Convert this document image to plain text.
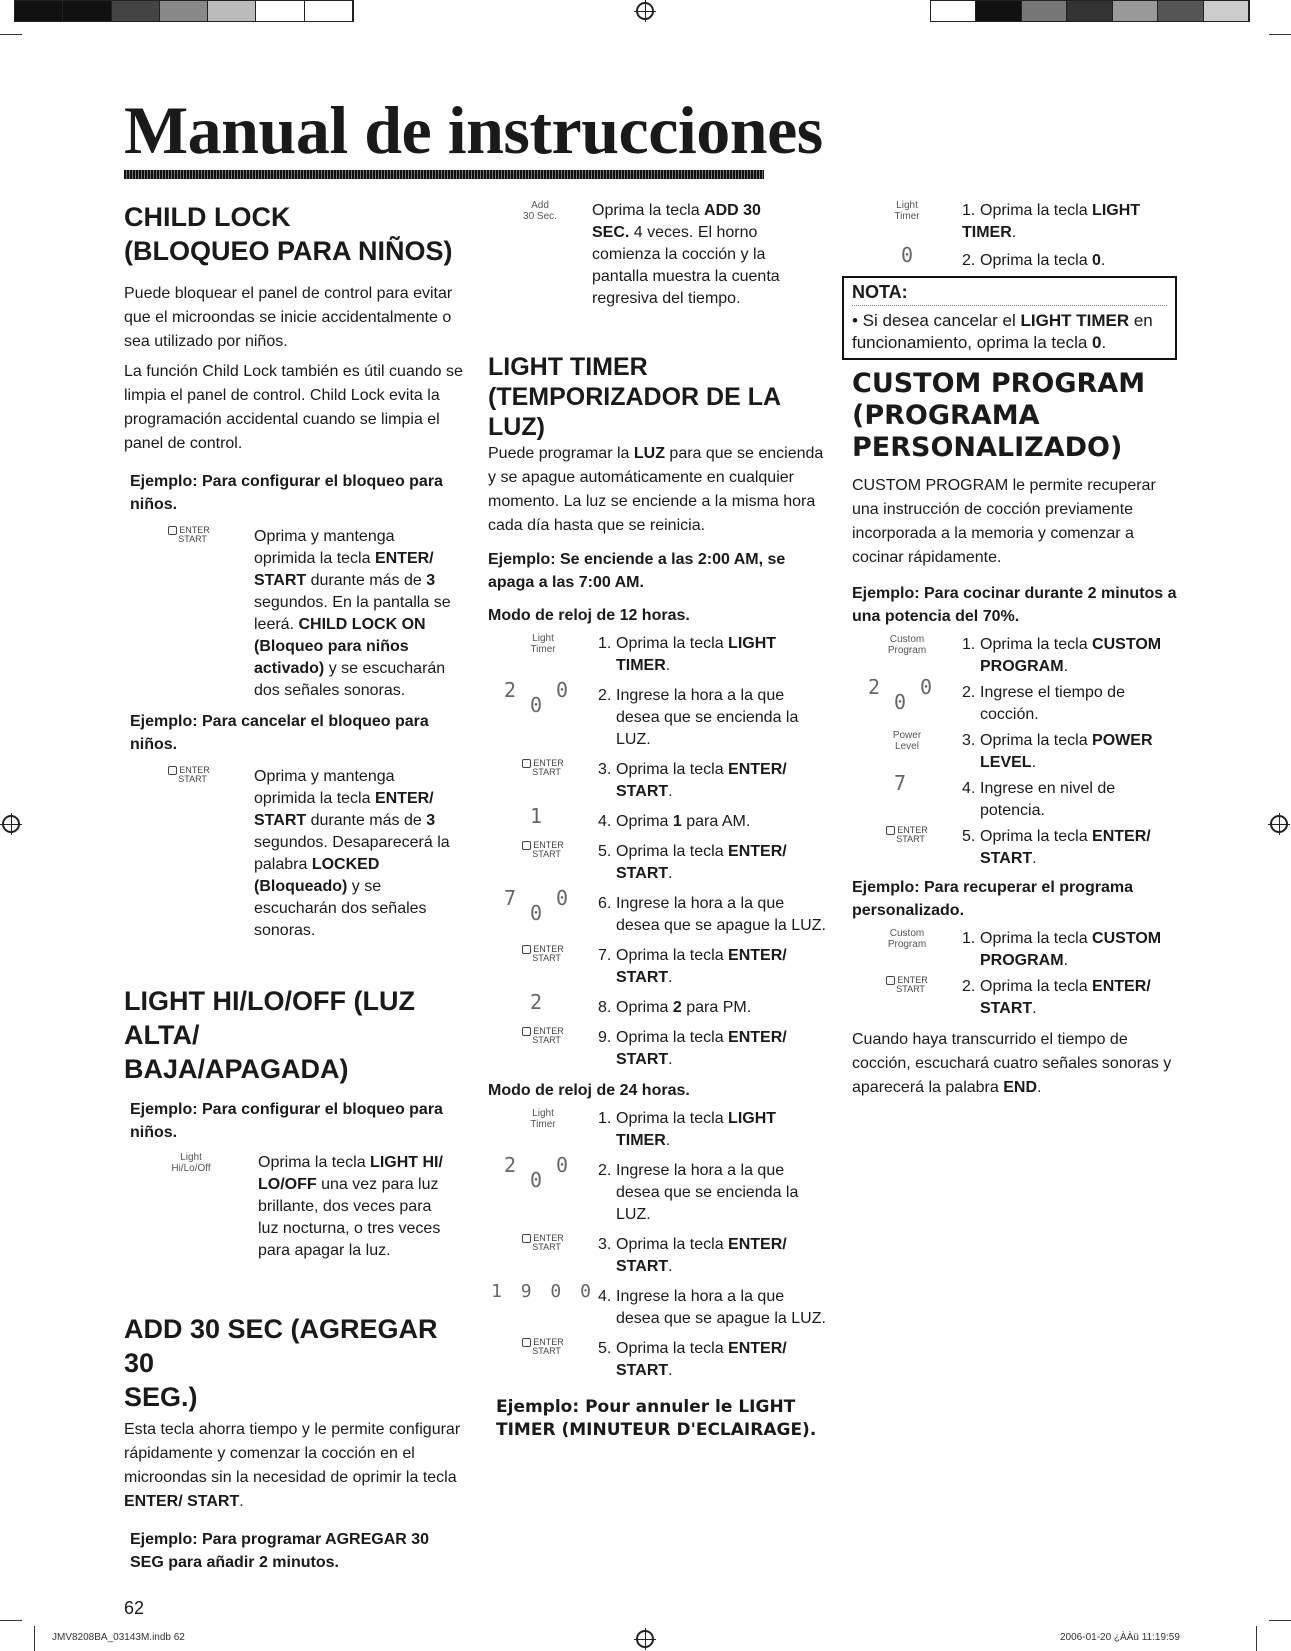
Manual de instrucciones
CHILD LOCK
(BLOQUEO PARA NIÑOS)

Puede bloquear el panel de control para evitar que el microondas se inicie accidentalmente o sea utilizado por niños.

La función Child Lock también es útil cuando se limpia el panel de control. Child Lock evita la programación accidental cuando se limpia el panel de control.

Ejemplo: Para configurar el bloqueo para niños.

ENTER
START	Oprima y mantenga oprimida la tecla ENTER/ START durante más de 3 segundos. En la pantalla se leerá. CHILD LOCK ON (Bloqueo para niños activado) y se escucharán dos señales sonoras.

Ejemplo: Para cancelar el bloqueo para niños.

ENTER
START	Oprima y mantenga oprimida la tecla ENTER/ START durante más de 3 segundos. Desaparecerá la palabra LOCKED (Bloqueado) y se escucharán dos señales sonoras.

LIGHT HI/LO/OFF (LUZ ALTA/
BAJA/APAGADA)

Ejemplo: Para configurar el bloqueo para niños.

Light
Hi/Lo/Off	Oprima la tecla LIGHT HI/ LO/OFF una vez para luz brillante, dos veces para luz nocturna, o tres veces para apagar la luz.

ADD 30 SEC (AGREGAR 30
SEG.)

Esta tecla ahorra tiempo y le permite configurar rápidamente y comenzar la cocción en el microondas sin la necesidad de oprimir la tecla ENTER/ START.

Ejemplo: Para programar AGREGAR 30 SEG para añadir 2 minutos.

62

Add
30 Sec.	Oprima la tecla ADD 30 SEC. 4 veces. El horno comienza la cocción y la pantalla muestra la cuenta regresiva del tiempo.

LIGHT TIMER
(TEMPORIZADOR DE LA LUZ)

Puede programar la LUZ para que se encienda y se apague automáticamente en cualquier momento. La luz se enciende a la misma hora cada día hasta que se reinicia.

Ejemplo: Se enciende a las 2:00 AM, se apaga a las 7:00 AM.

Modo de reloj de 12 horas.

Light
Timer	1. Oprima la tecla LIGHT TIMER.

2 0 0	2. Ingrese la hora a la que desea que se encienda la LUZ.

ENTER
START	3. Oprima la tecla ENTER/ START.

1	4. Oprima 1 para AM.

ENTER
START	5. Oprima la tecla ENTER/ START.

7 0 0	6. Ingrese la hora a la que desea que se apague la LUZ.

ENTER
START	7. Oprima la tecla ENTER/ START.

2	8. Oprima 2 para PM.

ENTER
START	9. Oprima la tecla ENTER/ START.

Modo de reloj de 24 horas.

Light
Timer	1. Oprima la tecla LIGHT TIMER.

2 0 0	2. Ingrese la hora a la que desea que se encienda la LUZ.

ENTER
START	3. Oprima la tecla ENTER/ START.

1 9 0 0 4. Ingrese la hora a la que desea que se apague la LUZ.

ENTER
START	5. Oprima la tecla ENTER/ START.

Ejemplo: Pour annuler le LIGHT TIMER (MINUTEUR D'ECLAIRAGE).

Light
Timer	1. Oprima la tecla LIGHT TIMER.

0	2. Oprima la tecla 0.

NOTA:

• Si desea cancelar el LIGHT TIMER en funcionamiento, oprima la tecla 0.

CUSTOM PROGRAM
(PROGRAMA
PERSONALIZADO)

CUSTOM PROGRAM le permite recuperar una instrucción de cocción previamente incorporada a la memoria y comenzar a cocinar rápidamente.

Ejemplo: Para cocinar durante 2 minutos a una potencia del 70%.

Custom
Program	1. Oprima la tecla CUSTOM PROGRAM.

2 0 0	2. Ingrese el tiempo de cocción.

Power
Level	3. Oprima la tecla POWER LEVEL.

7	4. Ingrese en nivel de potencia.

ENTER
START	5. Oprima la tecla ENTER/ START.

Ejemplo: Para recuperar el programa personalizado.

Custom
Program	1. Oprima la tecla CUSTOM PROGRAM.

ENTER
START	2. Oprima la tecla ENTER/ START.

Cuando haya transcurrido el tiempo de cocción, escuchará cuatro señales sonoras y aparecerá la palabra END.

JMV8208BA_03143M.indb 62	2006-01-20 ¿ÀÀü 11:19:59
